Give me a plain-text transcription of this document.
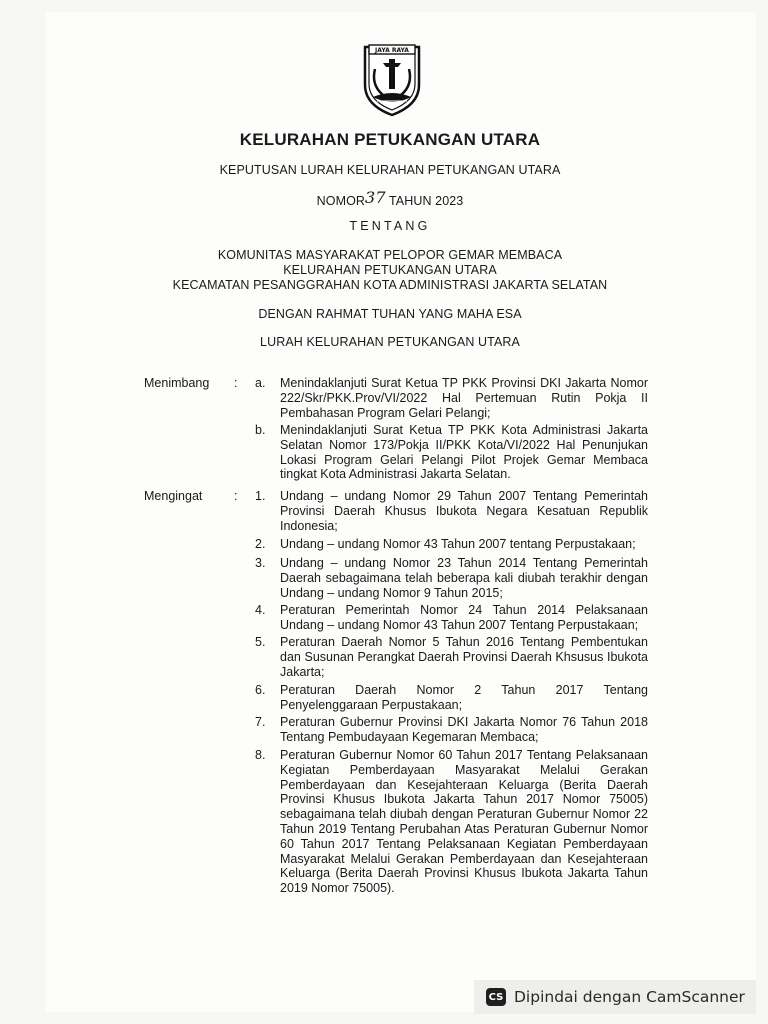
JAYA RAYA
KELURAHAN PETUKANGAN UTARA
KEPUTUSAN LURAH KELURAHAN PETUKANGAN UTARA
NOMOR37 TAHUN 2023
TENTANG
KOMUNITAS MASYARAKAT PELOPOR GEMAR MEMBACA
KELURAHAN PETUKANGAN UTARA
KECAMATAN PESANGGRAHAN KOTA ADMINISTRASI JAKARTA SELATAN
DENGAN RAHMAT TUHAN YANG MAHA ESA
LURAH KELURAHAN PETUKANGAN UTARA
Menimbang : a. Menindaklanjuti Surat Ketua TP PKK Provinsi DKI Jakarta Nomor 222/Skr/PKK.Prov/VI/2022 Hal Pertemuan Rutin Pokja II Pembahasan Program Gelari Pelangi;

b. Menindaklanjuti Surat Ketua TP PKK Kota Administrasi Jakarta Selatan Nomor 173/Pokja II/PKK Kota/VI/2022 Hal Penunjukan Lokasi Program Gelari Pelangi Pilot Projek Gemar Membaca tingkat Kota Administrasi Jakarta Selatan.

Mengingat	: 1. Undang – undang Nomor 29 Tahun 2007 Tentang Pemerintah Provinsi Daerah Khusus Ibukota Negara Kesatuan Republik Indonesia;

2. Undang – undang Nomor 43 Tahun 2007 tentang Perpustakaan;

3. Undang – undang Nomor 23 Tahun 2014 Tentang Pemerintah Daerah sebagaimana telah beberapa kali diubah terakhir dengan Undang – undang Nomor 9 Tahun 2015;

4. Peraturan Pemerintah Nomor 24 Tahun 2014 Pelaksanaan Undang – undang Nomor 43 Tahun 2007 Tentang Perpustakaan;

5. Peraturan Daerah Nomor 5 Tahun 2016 Tentang Pembentukan dan Susunan Perangkat Daerah Provinsi Daerah Khsusus Ibukota Jakarta;

6. Peraturan Daerah Nomor 2 Tahun 2017 Tentang Penyelenggaraan Perpustakaan;

7. Peraturan Gubernur Provinsi DKI Jakarta Nomor 76 Tahun 2018 Tentang Pembudayaan Kegemaran Membaca;

8. Peraturan Gubernur Nomor 60 Tahun 2017 Tentang Pelaksanaan Kegiatan Pemberdayaan Masyarakat Melalui Gerakan Pemberdayaan dan Kesejahteraan Keluarga (Berita Daerah Provinsi Khusus Ibukota Jakarta Tahun 2017 Nomor 75005) sebagaimana telah diubah dengan Peraturan Gubernur Nomor 22 Tahun 2019 Tentang Perubahan Atas Peraturan Gubernur Nomor 60 Tahun 2017 Tentang Pelaksanaan Kegiatan Pemberdayaan Masyarakat Melalui Gerakan Pemberdayaan dan Kesejahteraan Keluarga (Berita Daerah Provinsi Khusus Ibukota Jakarta Tahun 2019 Nomor 75005).

CS Dipindai dengan CamScanner
